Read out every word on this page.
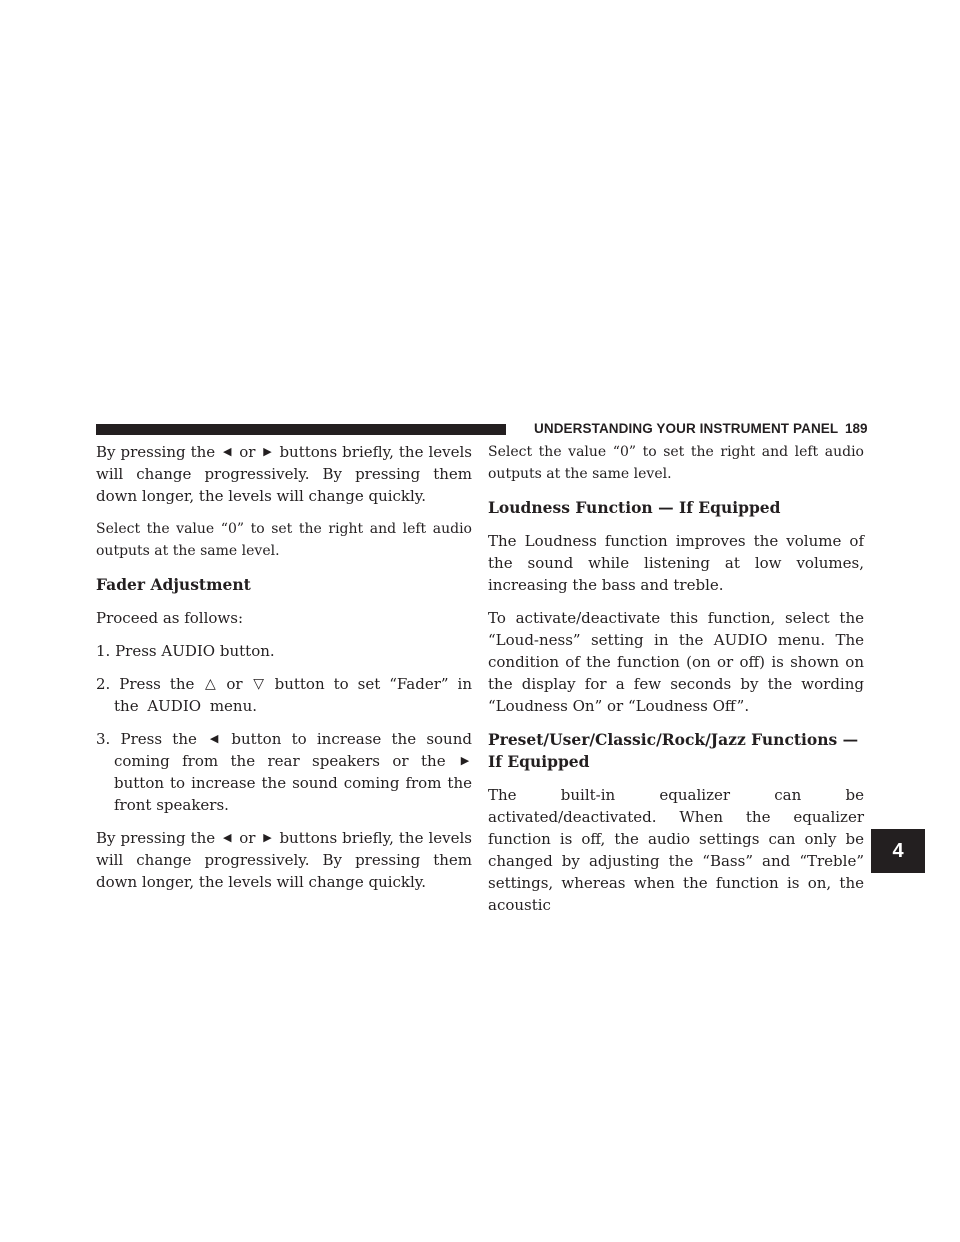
UNDERSTANDING YOUR INSTRUMENT PANEL 189
4

By pressing the ◀ or ▶ buttons briefly, the levels will change progressively. By pressing them down longer, the levels will change quickly.

Select the value “0” to set the right and left audio outputs at the same level.

Fader Adjustment

Proceed as follows:

1. Press AUDIO button.

2. Press the △ or ▽ button to set “Fader” in the AUDIO menu.

3. Press the ◀ button to increase the sound coming from the rear speakers or the ▶ button to increase the sound coming from the front speakers.

By pressing the ◀ or ▶ buttons briefly, the levels will change progressively. By pressing them down longer, the levels will change quickly.

Select the value “0” to set the right and left audio outputs at the same level.

Loudness Function — If Equipped

The Loudness function improves the volume of the sound while listening at low volumes, increasing the bass and treble.

To activate/deactivate this function, select the “Loud-ness” setting in the AUDIO menu. The condition of the function (on or off) is shown on the display for a few seconds by the wording “Loudness On” or “Loudness Off”.

Preset/User/Classic/Rock/Jazz Functions — If Equipped

The built-in equalizer can be activated/deactivated. When the equalizer function is off, the audio settings can only be changed by adjusting the “Bass” and “Treble” settings, whereas when the function is on, the acoustic
